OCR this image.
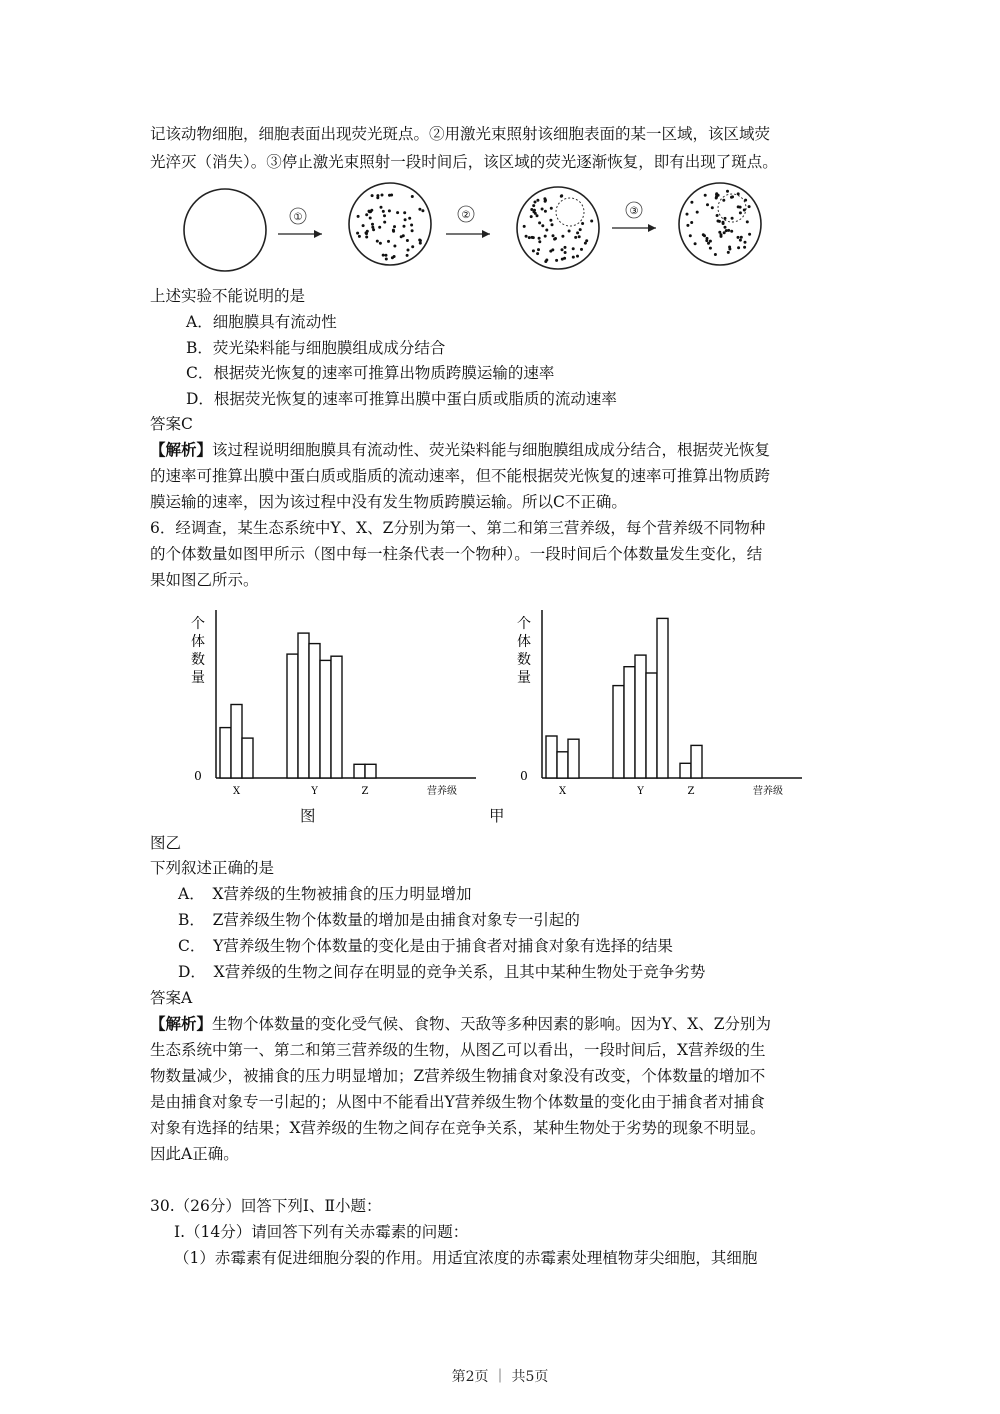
记该动物细胞，细胞表面出现荧光斑点。②用激光束照射该细胞表面的某一区域，该区域荧
光淬灭（消失）。③停止激光束照射一段时间后，该区域的荧光逐渐恢复，即有出现了斑点。
①	②	③
上述实验不能说明的是
A．细胞膜具有流动性
B．荧光染料能与细胞膜组成成分结合
C．根据荧光恢复的速率可推算出物质跨膜运输的速率
D．根据荧光恢复的速率可推算出膜中蛋白质或脂质的流动速率
答案C
【解析】该过程说明细胞膜具有流动性、荧光染料能与细胞膜组成成分结合，根据荧光恢复
的速率可推算出膜中蛋白质或脂质的流动速率，但不能根据荧光恢复的速率可推算出物质跨
膜运输的速率，因为该过程中没有发生物质跨膜运输。所以C不正确。
6．经调查，某生态系统中Y、X、Z分别为第一、第二和第三营养级，每个营养级不同物种
的个体数量如图甲所示（图中每一柱条代表一个物种）。一段时间后个体数量发生变化，结
果如图乙所示。
个
体
数
量
0
X	Y	Z	营养级
个
体
数
量
0
X	Y	Z	营养级
图	甲
图乙
下列叙述正确的是
A．　X营养级的生物被捕食的压力明显增加
B．　Z营养级生物个体数量的增加是由捕食对象专一引起的
C．　Y营养级生物个体数量的变化是由于捕食者对捕食对象有选择的结果
D．　X营养级的生物之间存在明显的竞争关系，且其中某种生物处于竞争劣势
答案A
【解析】生物个体数量的变化受气候、食物、天敌等多种因素的影响。因为Y、X、Z分别为
生态系统中第一、第二和第三营养级的生物，从图乙可以看出，一段时间后，X营养级的生
物数量减少，被捕食的压力明显增加；Z营养级生物捕食对象没有改变，个体数量的增加不
是由捕食对象专一引起的；从图中不能看出Y营养级生物个体数量的变化由于捕食者对捕食
对象有选择的结果；X营养级的生物之间存在竞争关系，某种生物处于劣势的现象不明显。
因此A正确。
30.（26分）回答下列Ⅰ、Ⅱ小题：
Ⅰ.（14分）请回答下列有关赤霉素的问题：
（1）赤霉素有促进细胞分裂的作用。用适宜浓度的赤霉素处理植物芽尖细胞，其细胞
第2页 ｜ 共5页
